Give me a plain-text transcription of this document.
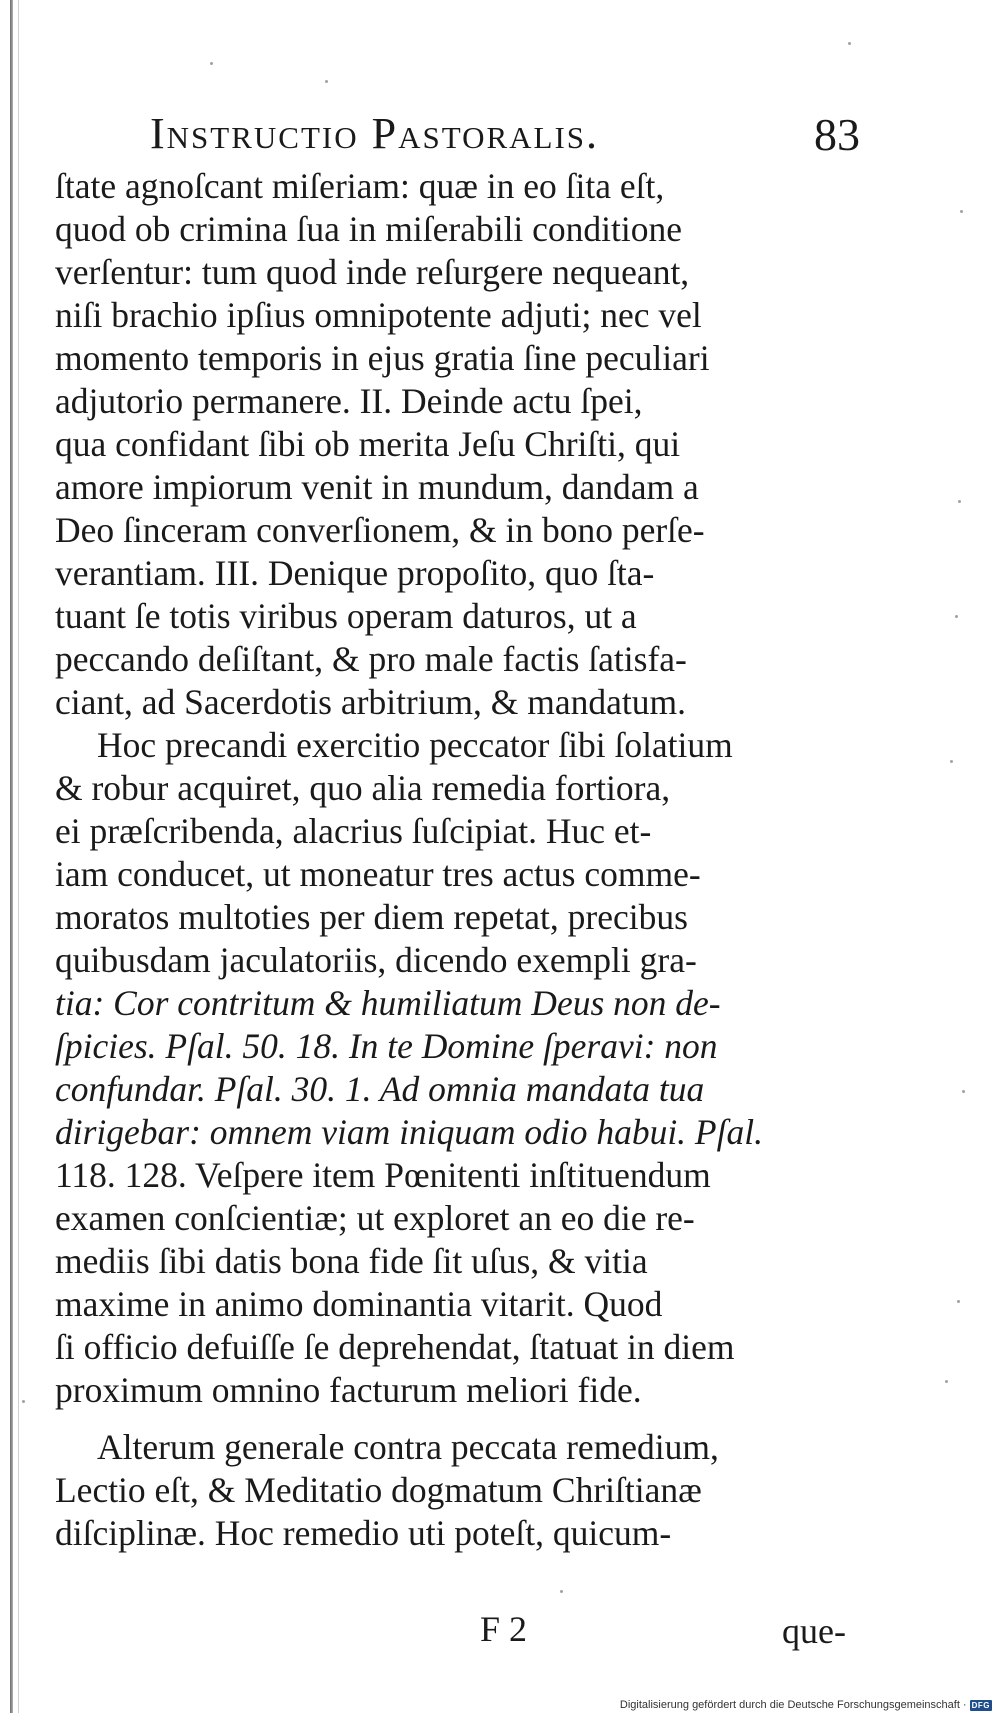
Instructio Pastoralis.	83
ſtate agnoſcant miſeriam: quæ in eo ſita eſt,
quod ob crimina ſua in miſerabili conditione
verſentur: tum quod inde reſurgere nequeant,
niſi brachio ipſius omnipotente adjuti; nec vel
momento temporis in ejus gratia ſine peculiari
adjutorio permanere. II. Deinde actu ſpei,
qua confidant ſibi ob merita Jeſu Chriſti, qui
amore impiorum venit in mundum, dandam a
Deo ſinceram converſionem, & in bono perſe-
verantiam. III. Denique propoſito, quo ſta-
tuant ſe totis viribus operam daturos, ut a
peccando deſiſtant, & pro male factis ſatisfa-
ciant, ad Sacerdotis arbitrium, & mandatum.
Hoc precandi exercitio peccator ſibi ſolatium
& robur acquiret, quo alia remedia fortiora,
ei præſcribenda, alacrius ſuſcipiat. Huc et-
iam conducet, ut moneatur tres actus comme-
moratos multoties per diem repetat, precibus
quibusdam jaculatoriis, dicendo exempli gra-
tia: Cor contritum & humiliatum Deus non de-
ſpicies. Pſal. 50. 18. In te Domine ſperavi: non
confundar. Pſal. 30. 1. Ad omnia mandata tua
dirigebar: omnem viam iniquam odio habui. Pſal.
118. 128. Veſpere item Pœnitenti inſtituendum
examen conſcientiæ; ut exploret an eo die re-
mediis ſibi datis bona fide ſit uſus, & vitia
maxime in animo dominantia vitarit. Quod
ſi officio defuiſſe ſe deprehendat, ſtatuat in diem
proximum omnino facturum meliori fide.
Alterum generale contra peccata remedium,
Lectio eſt, & Meditatio dogmatum Chriſtianæ
diſciplinæ. Hoc remedio uti poteſt, quicum-
F 2	que-
Digitalisierung gefördert durch die Deutsche Forschungsgemeinschaft · DFG
